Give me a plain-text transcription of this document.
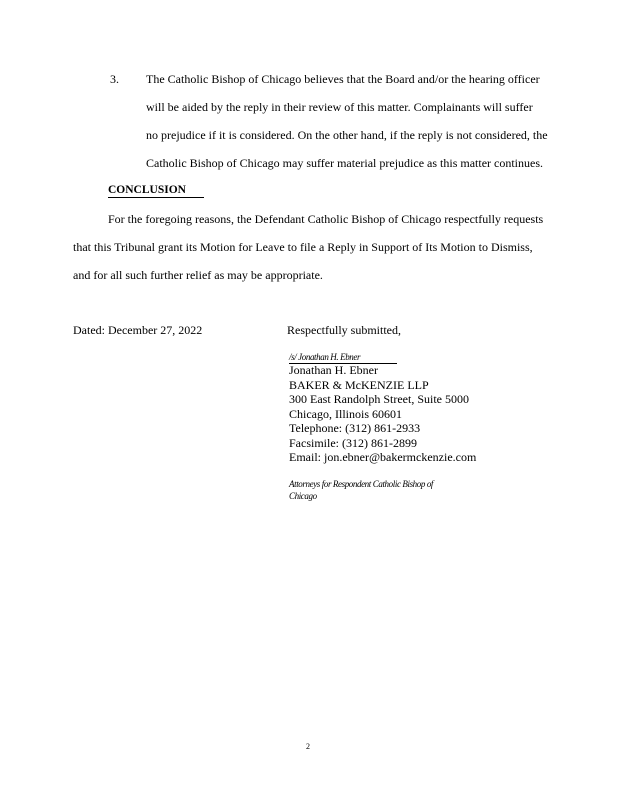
3. The Catholic Bishop of Chicago believes that the Board and/or the hearing officer
will be aided by the reply in their review of this matter. Complainants will suffer
no prejudice if it is considered. On the other hand, if the reply is not considered, the
Catholic Bishop of Chicago may suffer material prejudice as this matter continues.
CONCLUSION
For the foregoing reasons, the Defendant Catholic Bishop of Chicago respectfully requests
that this Tribunal grant its Motion for Leave to file a Reply in Support of Its Motion to Dismiss,
and for all such further relief as may be appropriate.
Dated: December 27, 2022	Respectfully submitted,
/s/ Jonathan H. Ebner
Jonathan H. Ebner
BAKER & McKENZIE LLP
300 East Randolph Street, Suite 5000
Chicago, Illinois 60601
Telephone: (312) 861-2933
Facsimile: (312) 861-2899
Email: jon.ebner@bakermckenzie.com
Attorneys for Respondent Catholic Bishop of Chicago
2
